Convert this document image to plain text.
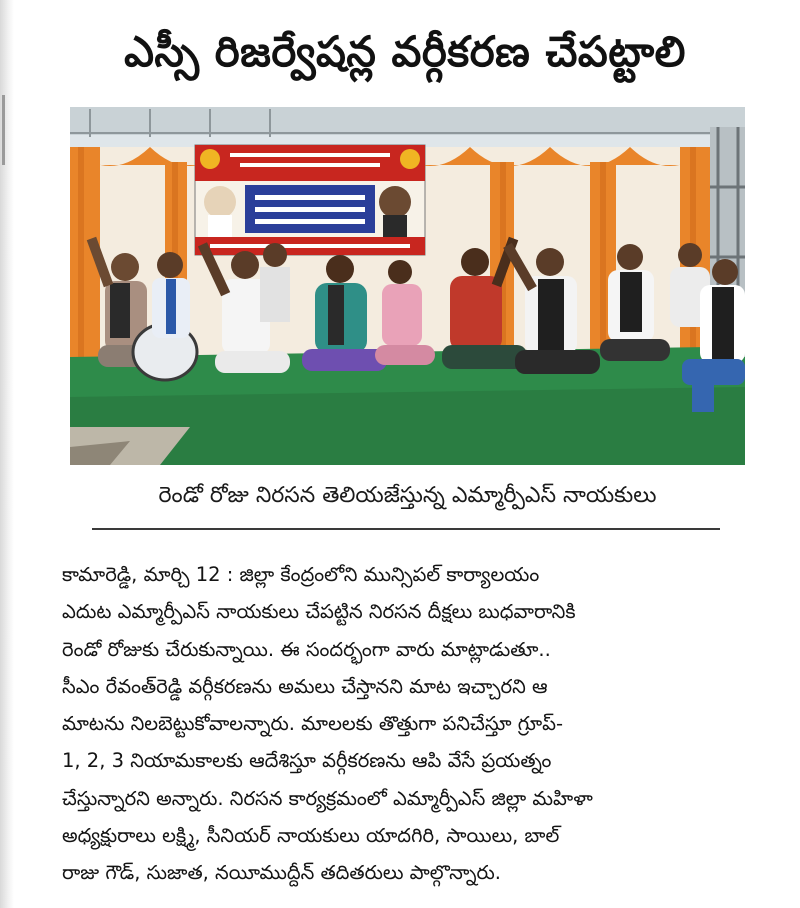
ఎస్సీ రిజర్వేషన్ల వర్గీకరణ చేపట్టాలి
రెండో రోజు నిరసన తెలియజేస్తున్న ఎమ్మార్పీఎస్ నాయకులు
కామారెడ్డి, మార్చి 12 : జిల్లా కేంద్రంలోని మున్సిపల్ కార్యాలయం
ఎదుట ఎమ్మార్పీఎస్ నాయకులు చేపట్టిన నిరసన దీక్షలు బుధవారానికి
రెండో రోజుకు చేరుకున్నాయి. ఈ సందర్భంగా వారు మాట్లాడుతూ..
సీఎం రేవంత్‌రెడ్డి వర్గీకరణను అమలు చేస్తానని మాట ఇచ్చారని ఆ
మాటను నిలబెట్టుకోవాలన్నారు. మాలలకు తొత్తుగా పనిచేస్తూ గ్రూప్-
1, 2, 3 నియామకాలకు ఆదేశిస్తూ వర్గీకరణను ఆపి వేసే ప్రయత్నం
చేస్తున్నారని అన్నారు. నిరసన కార్యక్రమంలో ఎమ్మార్పీఎస్ జిల్లా మహిళా
అధ్యక్షురాలు లక్ష్మి, సీనియర్ నాయకులు యాదగిరి, సాయిలు, బాల్
రాజు గౌడ్, సుజాత, నయీముద్దీన్ తదితరులు పాల్గొన్నారు.
